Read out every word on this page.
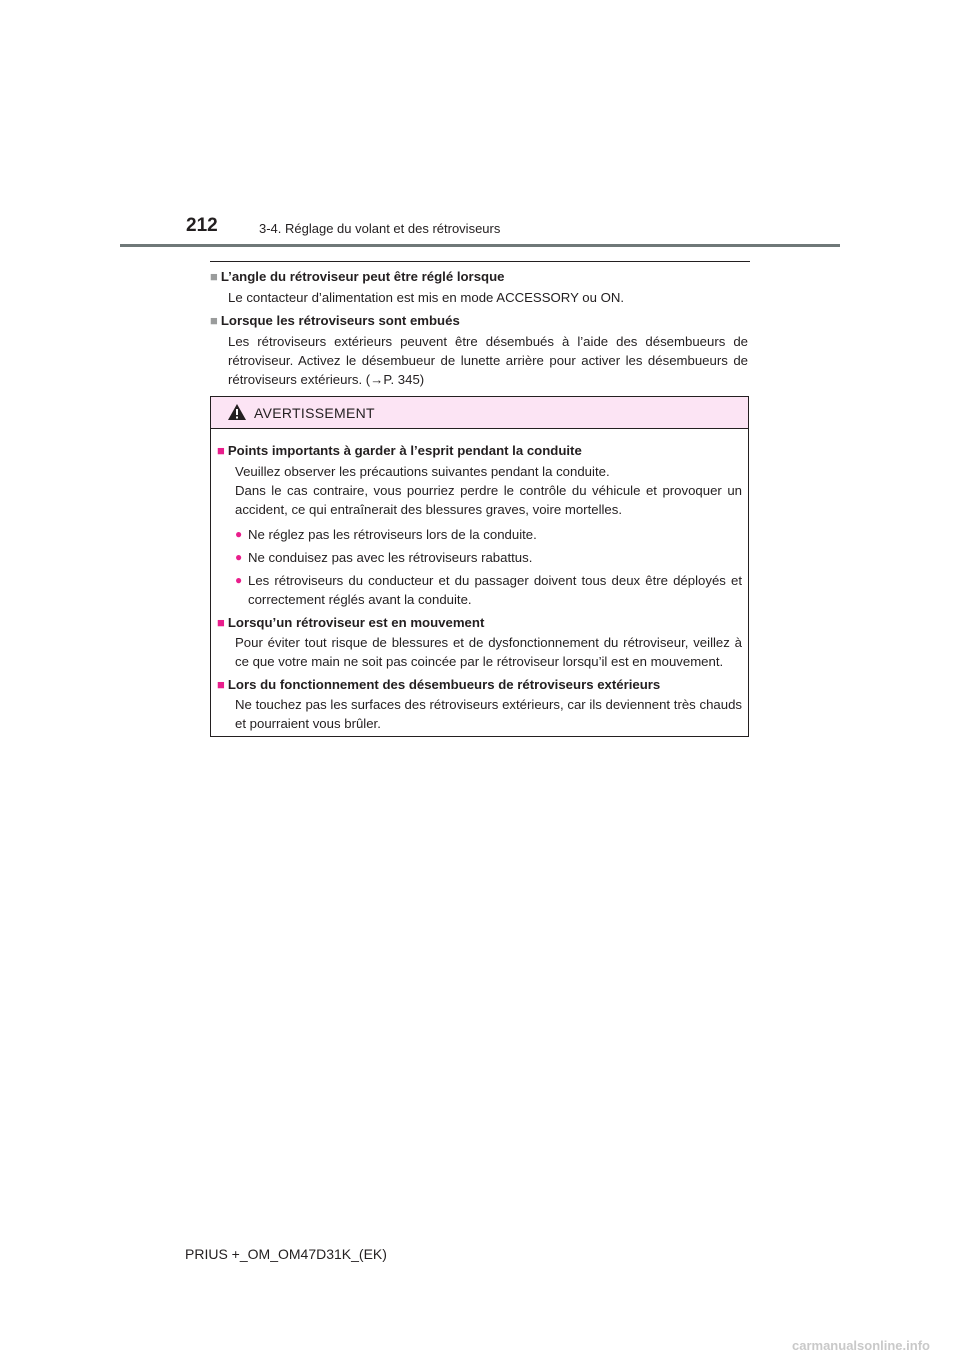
212	3-4. Réglage du volant et des rétroviseurs

■ L’angle du rétroviseur peut être réglé lorsque

Le contacteur d’alimentation est mis en mode ACCESSORY ou ON.

■ Lorsque les rétroviseurs sont embués

Les rétroviseurs extérieurs peuvent être désembués à l’aide des désembueurs de rétroviseur. Activez le désembueur de lunette arrière pour activer les désembueurs de rétroviseurs extérieurs. (→P. 345)

AVERTISSEMENT

■ Points importants à garder à l’esprit pendant la conduite

Veuillez observer les précautions suivantes pendant la conduite.

Dans le cas contraire, vous pourriez perdre le contrôle du véhicule et provoquer un accident, ce qui entraînerait des blessures graves, voire mortelles.

● Ne réglez pas les rétroviseurs lors de la conduite.
● Ne conduisez pas avec les rétroviseurs rabattus.
● Les rétroviseurs du conducteur et du passager doivent tous deux être déployés et correctement réglés avant la conduite.

■ Lorsqu’un rétroviseur est en mouvement

Pour éviter tout risque de blessures et de dysfonctionnement du rétroviseur, veillez à ce que votre main ne soit pas coincée par le rétroviseur lorsqu’il est en mouvement.

■ Lors du fonctionnement des désembueurs de rétroviseurs extérieurs

Ne touchez pas les surfaces des rétroviseurs extérieurs, car ils deviennent très chauds et pourraient vous brûler.

PRIUS +_OM_OM47D31K_(EK)
carmanualsonline.info
